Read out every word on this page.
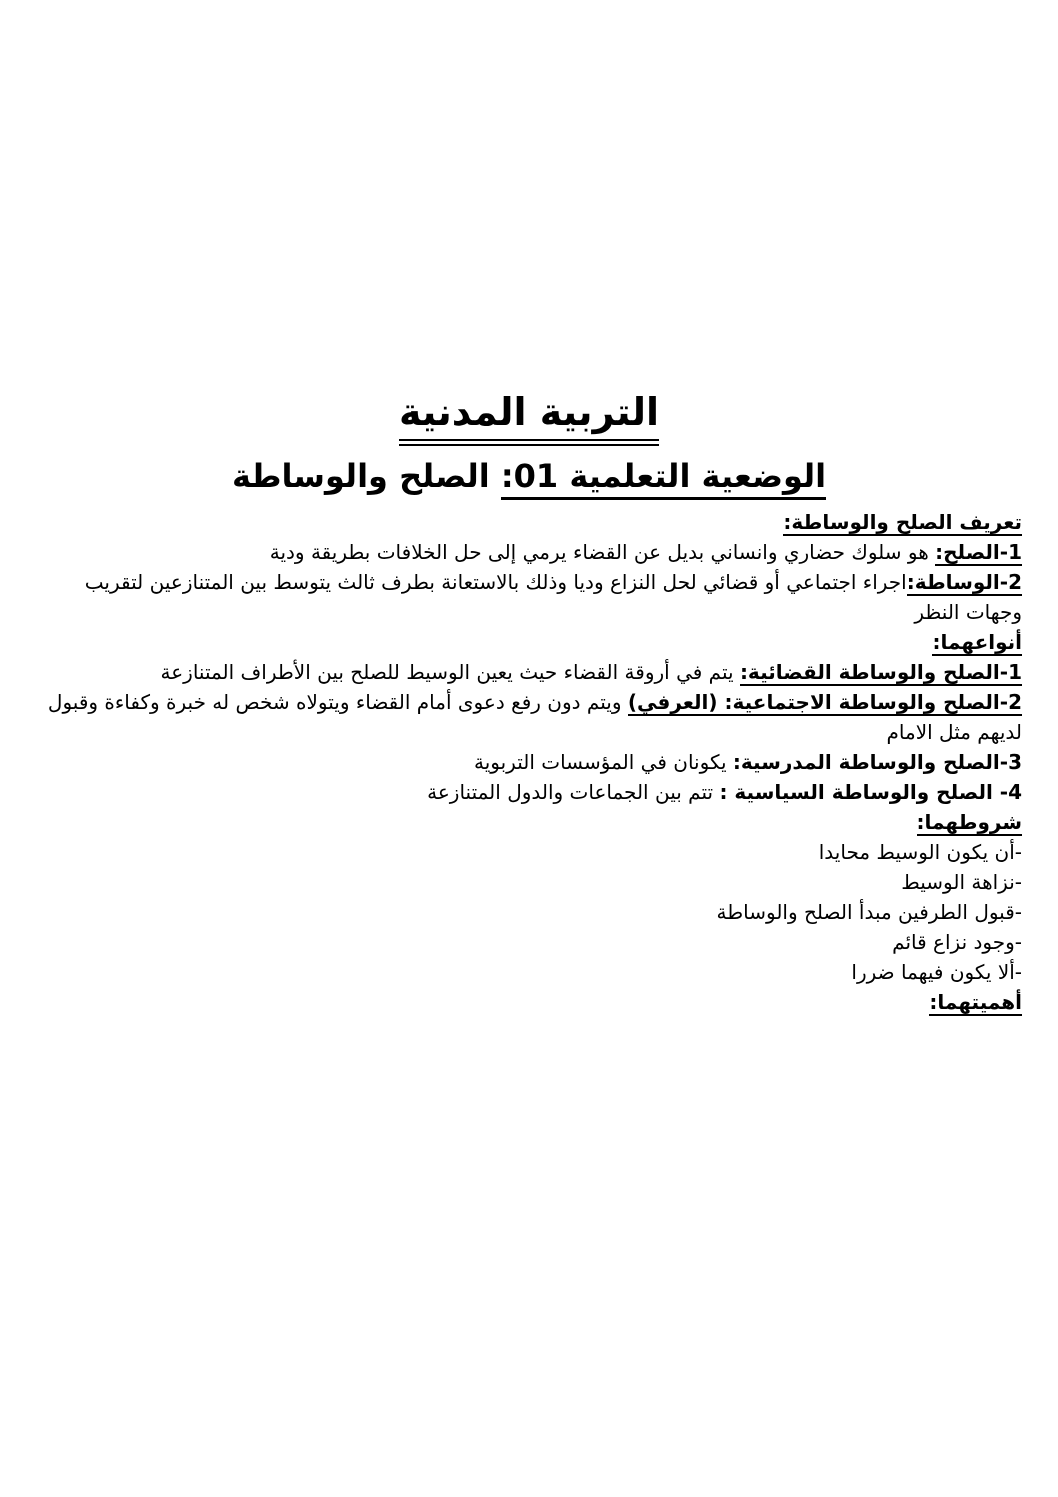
التربية المدنية
الوضعية التعلمية 01: الصلح والوساطة

تعريف الصلح والوساطة:

1-الصلح: هو سلوك حضاري وانساني بديل عن القضاء يرمي إلى حل الخلافات بطريقة ودية

2-الوساطة:اجراء اجتماعي أو قضائي لحل النزاع وديا وذلك بالاستعانة بطرف ثالث يتوسط بين المتنازعين لتقريب وجهات النظر

أنواعهما:

1-الصلح والوساطة القضائية: يتم في أروقة القضاء حيث يعين الوسيط للصلح بين الأطراف المتنازعة

2-الصلح والوساطة الاجتماعية: (العرفي) ويتم دون رفع دعوى أمام القضاء ويتولاه شخص له خبرة وكفاءة وقبول لديهم مثل الامام

3-الصلح والوساطة المدرسية: يكونان في المؤسسات التربوية

4- الصلح والوساطة السياسية : تتم بين الجماعات والدول المتنازعة

شروطهما:

-أن يكون الوسيط محايدا

-نزاهة الوسيط

-قبول الطرفين مبدأ الصلح والوساطة

-وجود نزاع قائم

-ألا يكون فيهما ضررا

أهميتهما:
